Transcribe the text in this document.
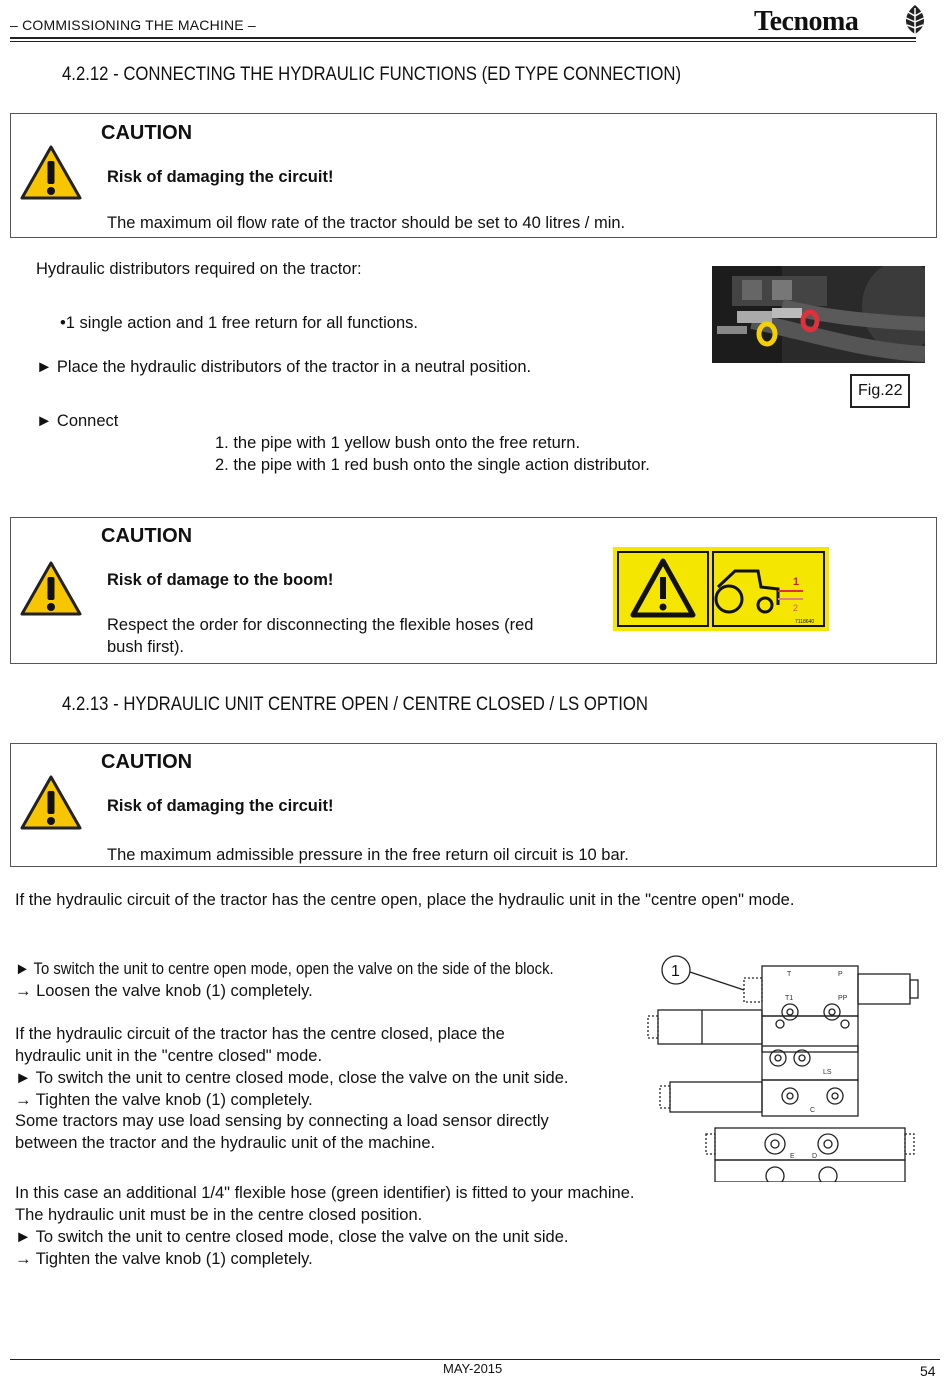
– COMMISSIONING THE MACHINE –	Tecnoma
4.2.12 - CONNECTING THE HYDRAULIC FUNCTIONS (ED TYPE CONNECTION)
CAUTION
Risk of damaging the circuit!
The maximum oil flow rate of the tractor should be set to 40 litres / min.
Hydraulic distributors required on the tractor:
•1 single action and 1 free return for all functions.
► Place the hydraulic distributors of the tractor in a neutral position.
► Connect
1. the pipe with 1 yellow bush onto the free return.
2. the pipe with 1 red bush onto the single action distributor.
Fig.22
CAUTION
Risk of damage to the boom!
Respect the order for disconnecting the flexible hoses (red
bush first).
1
2
7118640
4.2.13 - HYDRAULIC UNIT CENTRE OPEN / CENTRE CLOSED / LS OPTION
CAUTION
Risk of damaging the circuit!
The maximum admissible pressure in the free return oil circuit is 10 bar.
If the hydraulic circuit of the tractor has the centre open, place the hydraulic unit in the "centre open" mode.
► To switch the unit to centre open mode, open the valve on the side of the block.
→ Loosen the valve knob (1) completely.
If the hydraulic circuit of the tractor has the centre closed, place the
hydraulic unit in the "centre closed" mode.
► To switch the unit to centre closed mode, close the valve on the unit side.
→ Tighten the valve knob (1) completely.
Some tractors may use load sensing by connecting a load sensor directly
between the tractor and the hydraulic unit of the machine.
In this case an additional 1/4" flexible hose (green identifier) is fitted to your machine.
The hydraulic unit must be in the centre closed position.
► To switch the unit to centre closed mode, close the valve on the unit side.
→ Tighten the valve knob (1) completely.
1	T	P
T1	PP
LS
C
E D
MAY-2015	54
